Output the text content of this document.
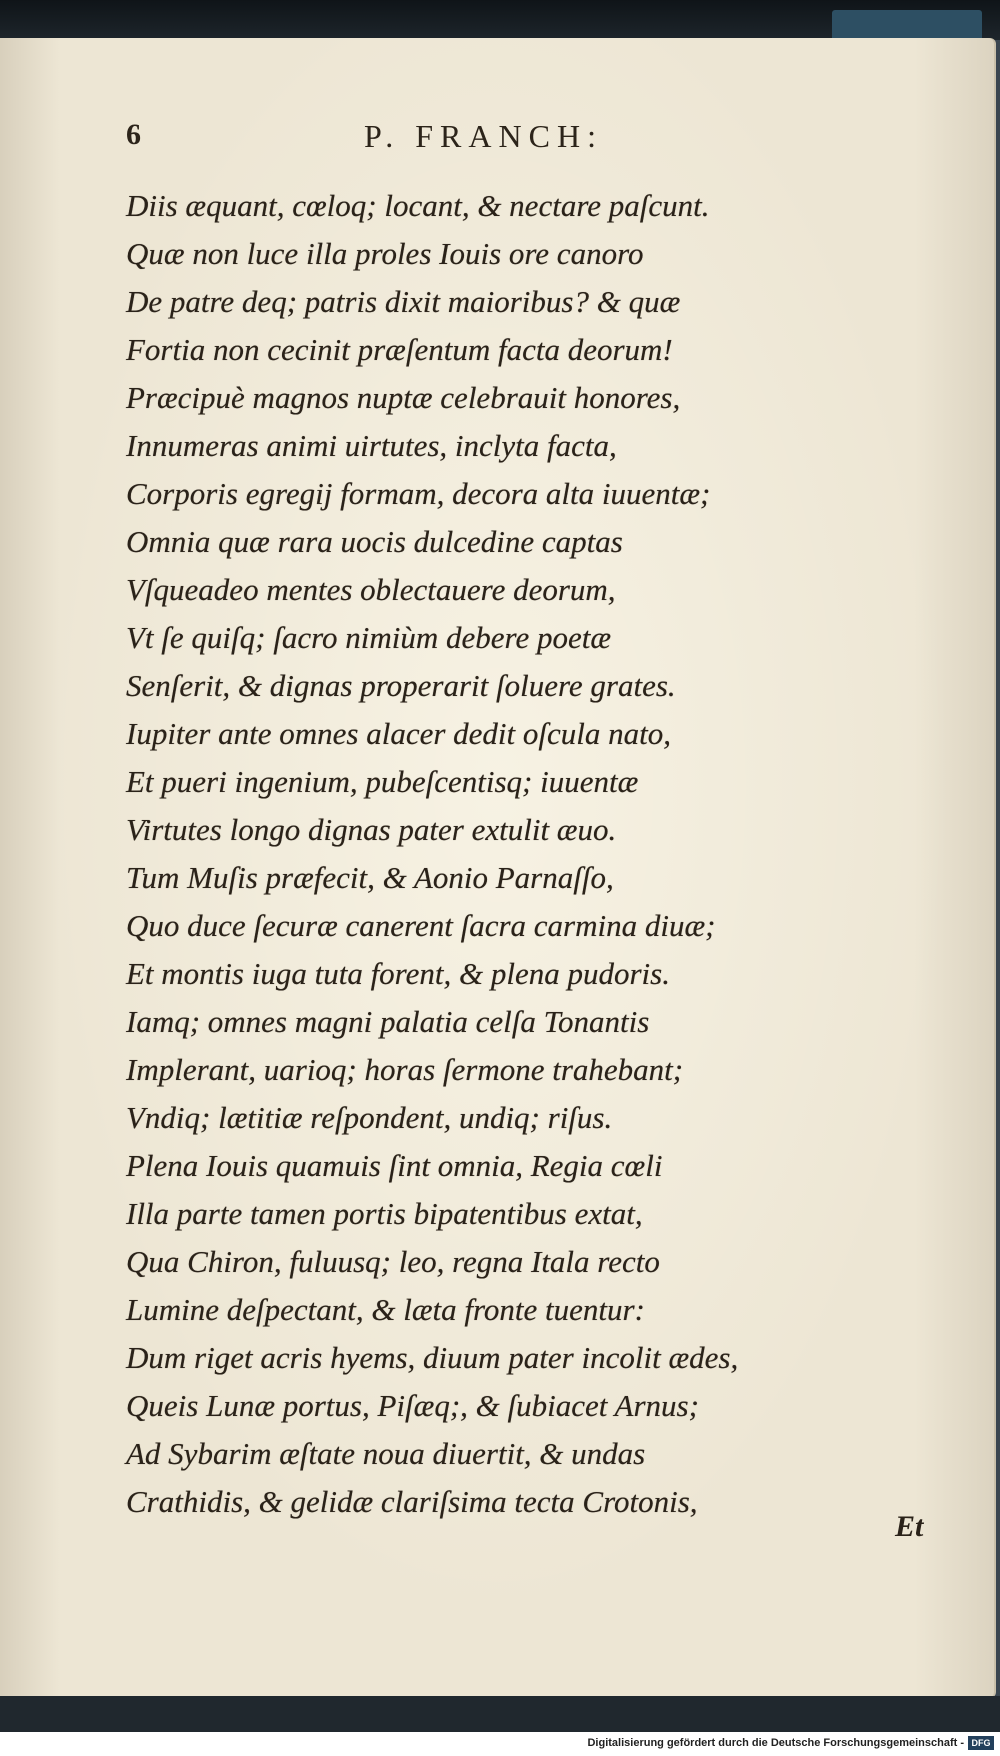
6	P. FRANCH:
Diis æquant, cœloq; locant, & nectare paſcunt.
Quæ non luce illa proles Iouis ore canoro
De patre deq; patris dixit maioribus? & quæ
Fortia non cecinit præſentum facta deorum!
Præcipuè magnos nuptæ celebrauit honores,
Innumeras animi uirtutes, inclyta facta,
Corporis egregij formam, decora alta iuuentæ;
Omnia quæ rara uocis dulcedine captas
Vſqueadeo mentes oblectauere deorum,
Vt ſe quiſq; ſacro nimiùm debere poetæ
Senſerit, & dignas properarit ſoluere grates.
Iupiter ante omnes alacer dedit oſcula nato,
Et pueri ingenium, pubeſcentisq; iuuentæ
Virtutes longo dignas pater extulit æuo.
Tum Muſis præfecit, & Aonio Parnaſſo,
Quo duce ſecuræ canerent ſacra carmina diuæ;
Et montis iuga tuta forent, & plena pudoris.
Iamq; omnes magni palatia celſa Tonantis
Implerant, uarioq; horas ſermone trahebant;
Vndiq; lætitiæ reſpondent, undiq; riſus.
Plena Iouis quamuis ſint omnia, Regia cœli
Illa parte tamen portis bipatentibus extat,
Qua Chiron, fuluusq; leo, regna Itala recto
Lumine deſpectant, & læta fronte tuentur:
Dum riget acris hyems, diuum pater incolit ædes,
Queis Lunæ portus, Piſæq;, & ſubiacet Arnus;
Ad Sybarim æſtate noua diuertit, & undas
Crathidis, & gelidæ clariſsima tecta Crotonis,
Et
Digitalisierung gefördert durch die Deutsche Forschungsgemeinschaft - DFG
